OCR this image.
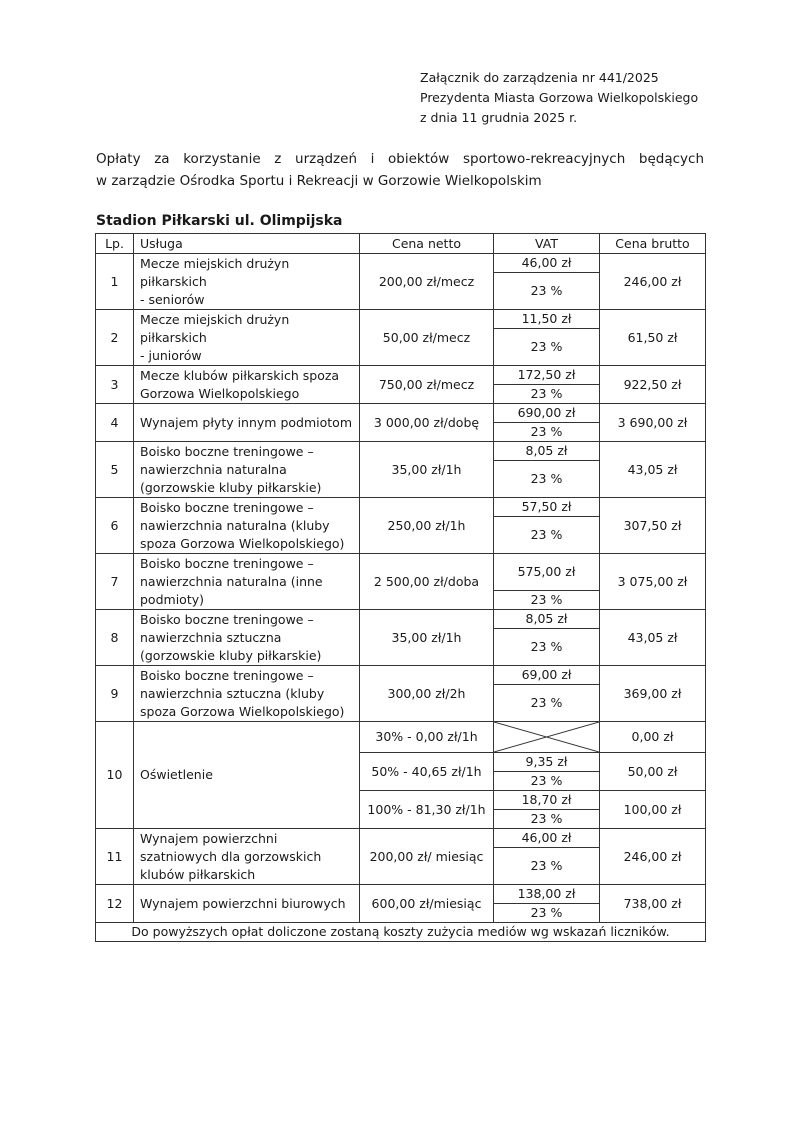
Załącznik do zarządzenia nr 441/2025
Prezydenta Miasta Gorzowa Wielkopolskiego
z dnia 11 grudnia 2025 r.
Opłaty za korzystanie z urządzeń i obiektów sportowo-rekreacyjnych będących
w zarządzie Ośrodka Sportu i Rekreacji w Gorzowie Wielkopolskim
Stadion Piłkarski ul. Olimpijska
Lp.	Usługa	Cena netto	VAT	Cena brutto
1	Mecze miejskich drużyn
piłkarskich
- seniorów	200,00 zł/mecz	46,00 zł	246,00 zł
			23 %	
2	Mecze miejskich drużyn
piłkarskich
- juniorów	50,00 zł/mecz	11,50 zł	61,50 zł
			23 %	
3	Mecze klubów piłkarskich spoza
Gorzowa Wielkopolskiego	750,00 zł/mecz	172,50 zł	922,50 zł
			23 %	
4	Wynajem płyty innym podmiotom	3 000,00 zł/dobę	690,00 zł	3 690,00 zł
			23 %	
5	Boisko boczne treningowe –
nawierzchnia naturalna
(gorzowskie kluby piłkarskie)	35,00 zł/1h	8,05 zł	43,05 zł
			23 %	
6	Boisko boczne treningowe –
nawierzchnia naturalna (kluby
spoza Gorzowa Wielkopolskiego)	250,00 zł/1h	57,50 zł	307,50 zł
			23 %	
7	Boisko boczne treningowe –
nawierzchnia naturalna (inne
podmioty)	2 500,00 zł/doba	575,00 zł	3 075,00 zł
			23 %	
8	Boisko boczne treningowe –
nawierzchnia sztuczna
(gorzowskie kluby piłkarskie)	35,00 zł/1h	8,05 zł	43,05 zł
			23 %	
9	Boisko boczne treningowe –
nawierzchnia sztuczna (kluby
spoza Gorzowa Wielkopolskiego)	300,00 zł/2h	69,00 zł	369,00 zł
			23 %	
10	Oświetlenie	30% - 0,00 zł/1h		0,00 zł
		50% - 40,65 zł/1h	9,35 zł	50,00 zł
			23 %	
		100% - 81,30 zł/1h	18,70 zł	100,00 zł
			23 %	
11	Wynajem powierzchni
szatniowych dla gorzowskich
klubów piłkarskich	200,00 zł/ miesiąc	46,00 zł	246,00 zł
			23 %	
12	Wynajem powierzchni biurowych	600,00 zł/miesiąc	138,00 zł	738,00 zł
			23 %	
Do powyższych opłat doliczone zostaną koszty zużycia mediów wg wskazań liczników.				
